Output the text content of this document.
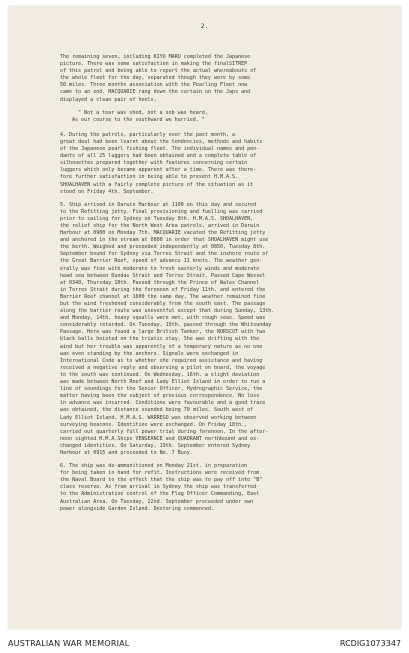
2.
The remaining seven, including KIYO MARU completed the Japanese
picture. There was some satisfaction in making the finalSITREP
of this patrol and being able to report the actual whereabouts of
the whole fleet for the day, separated though they were by some
50 miles. Three months association with the Pearling Fleet now
came to an end. MACQUARIE rang down the curtain on the Japs and
displayed a clean pair of heels.
" Not a tear was shed, not a sob was heard,
As our course to the southward we hurried. "
4. During the patrols, particularly over the past month, a
great deal had been learnt about the tendencies, methods and habits
of the Japanese pearl fishing fleet. The individual names and pen-
dants of all 25 luggers had been obtained and a complete table of
silhouettes prepared together with features concerning certain
luggers which only became apparent after a time. There was there-
fore further satisfaction in being able to present H.M.A.S.
SHOALHAVEN with a fairly complete picture of the situation as it
stood on Friday 4th. September.
5. Ship arrived in Darwin Harbour at 1100 on this day and secured
to the Refitting jetty. Final provisioning and fuelling was carried
prior to sailing for Sydney on Tuesday 8th. H.M.A.S. SHOALHAVEN,
the relief ship for the North West Area patrols, arrived in Darwin
Harbour at 0900 on Monday 7th. MACQUARIE vacated the Refitting jetty
and anchored in the stream at 0800 in order that SHOALHAVEN might use
the berth. Weighed and proceeded independently at 0850, Tuesday 8th.
September bound for Sydney via Torres Strait and the inshore route of
the Great Barrier Reef, speed of advance 11 knots. The weather gen-
erally was fine with moderate to fresh easterly winds and moderate
head sea between Dundas Strait and Torres Strait. Passed Cape Wessel
at 0340, Thursday 10th. Passed through the Prince of Wales Channel
in Torres Strait during the forenoon of Friday 11th. and entered the
Barrier Reef channel at 1600 the same day. The weather remained fine
but the wind freshened considerably from the south east. The passage
along the barrier route was uneventful except that during Sunday, 13th.
and Monday, 14th. heavy squalls were met, with rough seas. Speed was
considerably retarded. On Tuesday, 15th. passed through the Whitsunday
Passage. Here was found a large British Tanker, the NORSCOT with two
black balls hoisted on the triatic stay. She was drifting with the
wind but her trouble was apparently of a temporary nature as no one
was even standing by the anchors. Signals were exchanged in
International Code as to whether she required assistance and having
received a negative reply and observing a pilot on board, the voyage
to the south was continued. On Wednesday, 16th. a slight deviation
was made between North Reef and Lady Elliot Island in order to run a
line of soundings for the Senior Officer, Hydrographic Service, the
matter having been the subject of previous correspondence. No loss
in advance was incurred. Conditions were favourable and a good trace
was obtained, the distance sounded being 70 miles. South west of
Lady Elliot Island, H.M.A.S. WARREGO was observed working between
surveying beacons. Identities were exchanged. On Friday 18th.,
carried out quarterly full power trial during forenoon. In the after-
noon sighted H.M.A.Ships VENGEANCE and QUADRANT northbound and ex-
changed identities. On Saturday, 19th. September entered Sydney
Harbour at 0915 and proceeded to No. 7 Buoy.
6. The ship was de-ammunitioned on Monday 21st. in preparation
for being taken in hand for refit. Instructions were received from
the Naval Board to the effect that the ship was to pay off into "B"
class reserve. As from arrival in Sydney the ship was transferred
to the Administrative control of the Flag Officer Commanding, East
Australian Area. On Tuesday, 22nd. September proceeded under own
power alongside Garden Island. Destoring commenced.
AUSTRALIAN WAR MEMORIAL	RCDIG1073347
